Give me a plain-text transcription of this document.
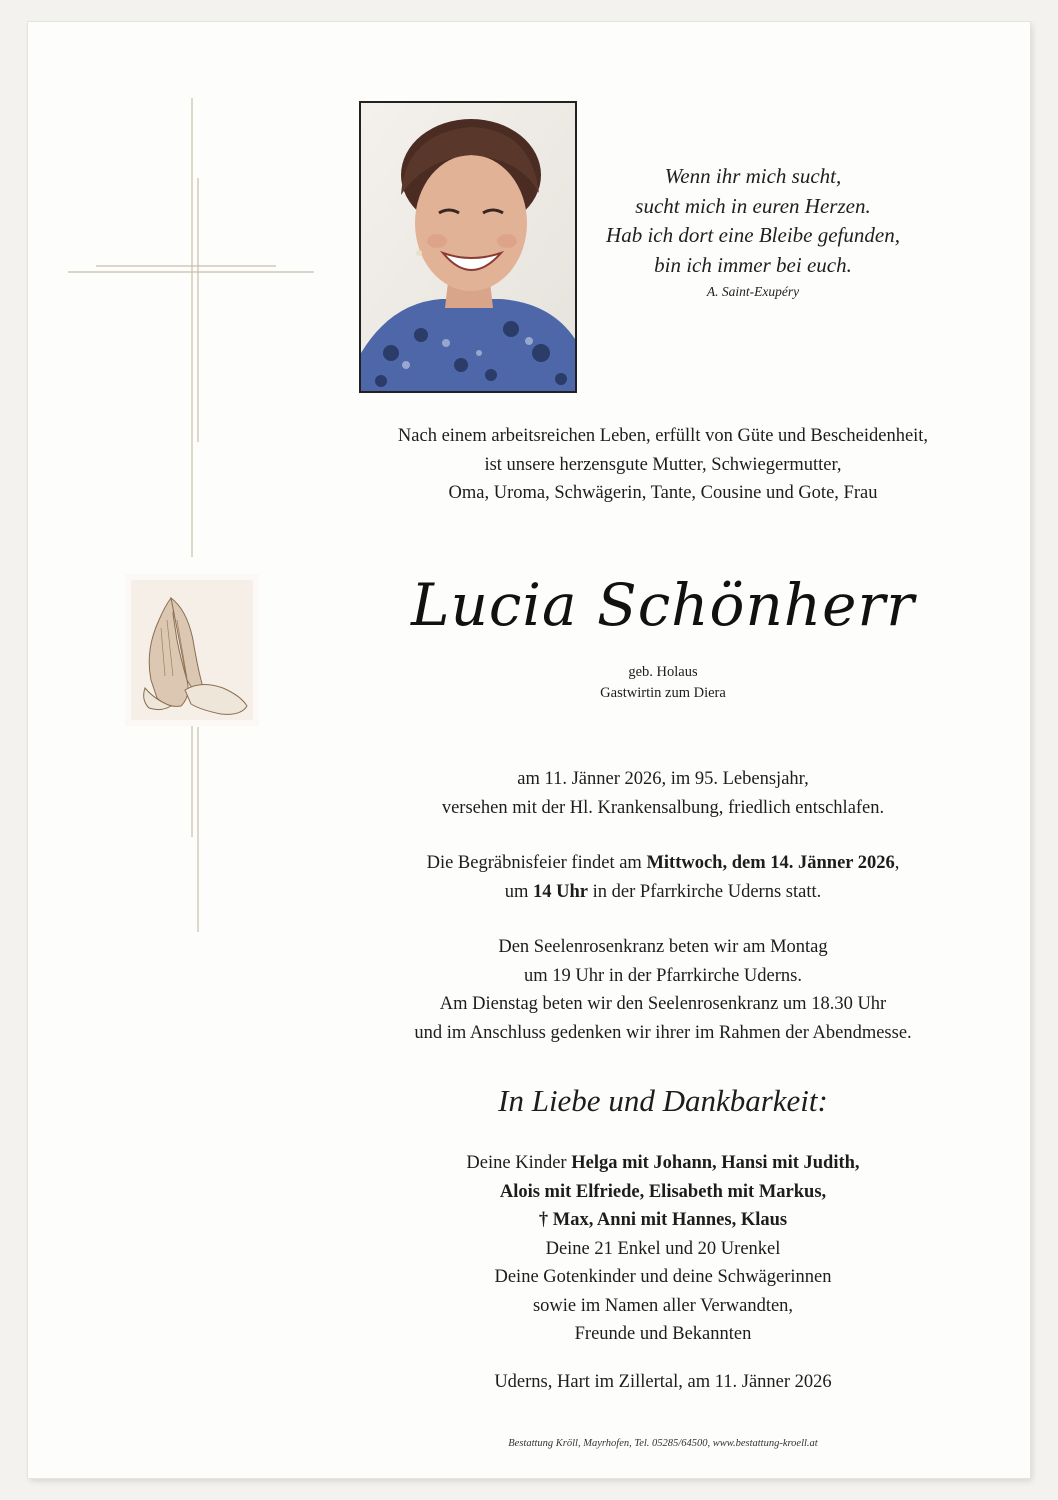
Wenn ihr mich sucht,
sucht mich in euren Herzen.
Hab ich dort eine Bleibe gefunden,
bin ich immer bei euch.
A. Saint-Exupéry
Nach einem arbeitsreichen Leben, erfüllt von Güte und Bescheidenheit,
ist unsere herzensgute Mutter, Schwiegermutter,
Oma, Uroma, Schwägerin, Tante, Cousine und Gote, Frau
Lucia Schönherr
geb. Holaus
Gastwirtin zum Diera
am 11. Jänner 2026, im 95. Lebensjahr,
versehen mit der Hl. Krankensalbung, friedlich entschlafen.
Die Begräbnisfeier findet am Mittwoch, dem 14. Jänner 2026,
um 14 Uhr in der Pfarrkirche Uderns statt.
Den Seelenrosenkranz beten wir am Montag
um 19 Uhr in der Pfarrkirche Uderns.
Am Dienstag beten wir den Seelenrosenkranz um 18.30 Uhr
und im Anschluss gedenken wir ihrer im Rahmen der Abendmesse.
In Liebe und Dankbarkeit:
Deine Kinder Helga mit Johann, Hansi mit Judith,
Alois mit Elfriede, Elisabeth mit Markus,
† Max, Anni mit Hannes, Klaus
Deine 21 Enkel und 20 Urenkel
Deine Gotenkinder und deine Schwägerinnen
sowie im Namen aller Verwandten,
Freunde und Bekannten
Uderns, Hart im Zillertal, am 11. Jänner 2026
Bestattung Kröll, Mayrhofen, Tel. 05285/64500, www.bestattung-kroell.at
